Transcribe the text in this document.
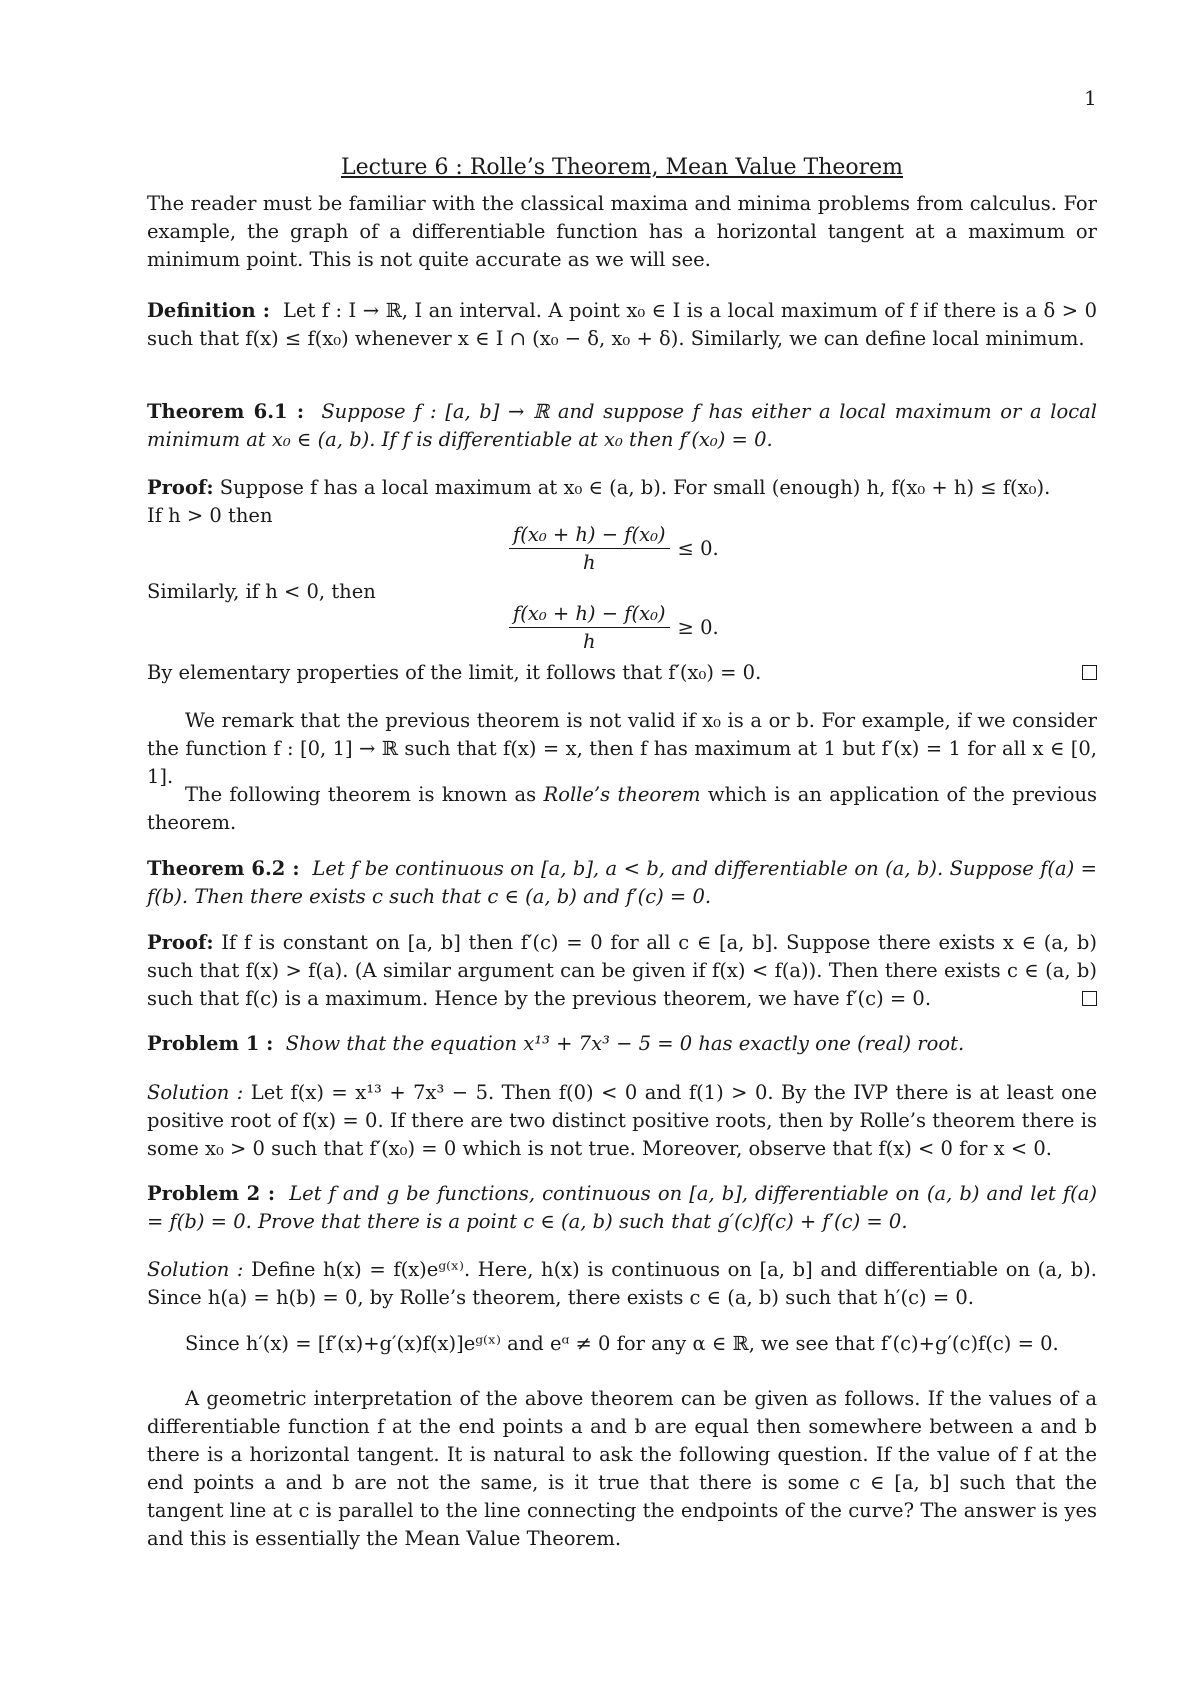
1
Lecture 6 : Rolle’s Theorem, Mean Value Theorem

The reader must be familiar with the classical maxima and minima problems from calculus. For example, the graph of a differentiable function has a horizontal tangent at a maximum or minimum point. This is not quite accurate as we will see.

Definition : Let f : I → ℝ, I an interval. A point x₀ ∈ I is a local maximum of f if there is a δ > 0 such that f(x) ≤ f(x₀) whenever x ∈ I ∩ (x₀ − δ, x₀ + δ). Similarly, we can define local minimum.

Theorem 6.1 : Suppose f : [a, b] → ℝ and suppose f has either a local maximum or a local minimum at x₀ ∈ (a, b). If f is differentiable at x₀ then f′(x₀) = 0.

Proof: Suppose f has a local maximum at x₀ ∈ (a, b). For small (enough) h, f(x₀ + h) ≤ f(x₀).

If h > 0 then

$\frac{\text{f(x₀ + h) − f(x₀)}}{h} \le 0$.

Similarly, if h < 0, then

$\frac{\text{f(x₀ + h) − f(x₀)}}{h} \ge 0$.

By elementary properties of the limit, it follows that f′(x₀) = 0.

We remark that the previous theorem is not valid if x₀ is a or b. For example, if we consider the function f : [0, 1] → ℝ such that f(x) = x, then f has maximum at 1 but f′(x) = 1 for all x ∈ [0, 1].

The following theorem is known as Rolle’s theorem which is an application of the previous theorem.

Theorem 6.2 : Let f be continuous on [a, b], a < b, and differentiable on (a, b). Suppose f(a) = f(b). Then there exists c such that c ∈ (a, b) and f′(c) = 0.

Proof: If f is constant on [a, b] then f′(c) = 0 for all c ∈ [a, b]. Suppose there exists x ∈ (a, b) such that f(x) > f(a). (A similar argument can be given if f(x) < f(a)). Then there exists c ∈ (a, b) such that f(c) is a maximum. Hence by the previous theorem, we have f′(c) = 0.

Problem 1 : Show that the equation x¹³ + 7x³ − 5 = 0 has exactly one (real) root.

Solution : Let f(x) = x¹³ + 7x³ − 5. Then f(0) < 0 and f(1) > 0. By the IVP there is at least one positive root of f(x) = 0. If there are two distinct positive roots, then by Rolle’s theorem there is some x₀ > 0 such that f′(x₀) = 0 which is not true. Moreover, observe that f(x) < 0 for x < 0.

Problem 2 : Let f and g be functions, continuous on [a, b], differentiable on (a, b) and let f(a) = f(b) = 0. Prove that there is a point c ∈ (a, b) such that g′(c)f(c) + f′(c) = 0.

Solution : Define h(x) = f(x)eᵍ⁽ˣ⁾. Here, h(x) is continuous on [a, b] and differentiable on (a, b). Since h(a) = h(b) = 0, by Rolle’s theorem, there exists c ∈ (a, b) such that h′(c) = 0.

Since h′(x) = [f′(x)+g′(x)f(x)]eᵍ⁽ˣ⁾ and eᵅ ≠ 0 for any α ∈ ℝ, we see that f′(c)+g′(c)f(c) = 0.

A geometric interpretation of the above theorem can be given as follows. If the values of a differentiable function f at the end points a and b are equal then somewhere between a and b there is a horizontal tangent. It is natural to ask the following question. If the value of f at the end points a and b are not the same, is it true that there is some c ∈ [a, b] such that the tangent line at c is parallel to the line connecting the endpoints of the curve? The answer is yes and this is essentially the Mean Value Theorem.
